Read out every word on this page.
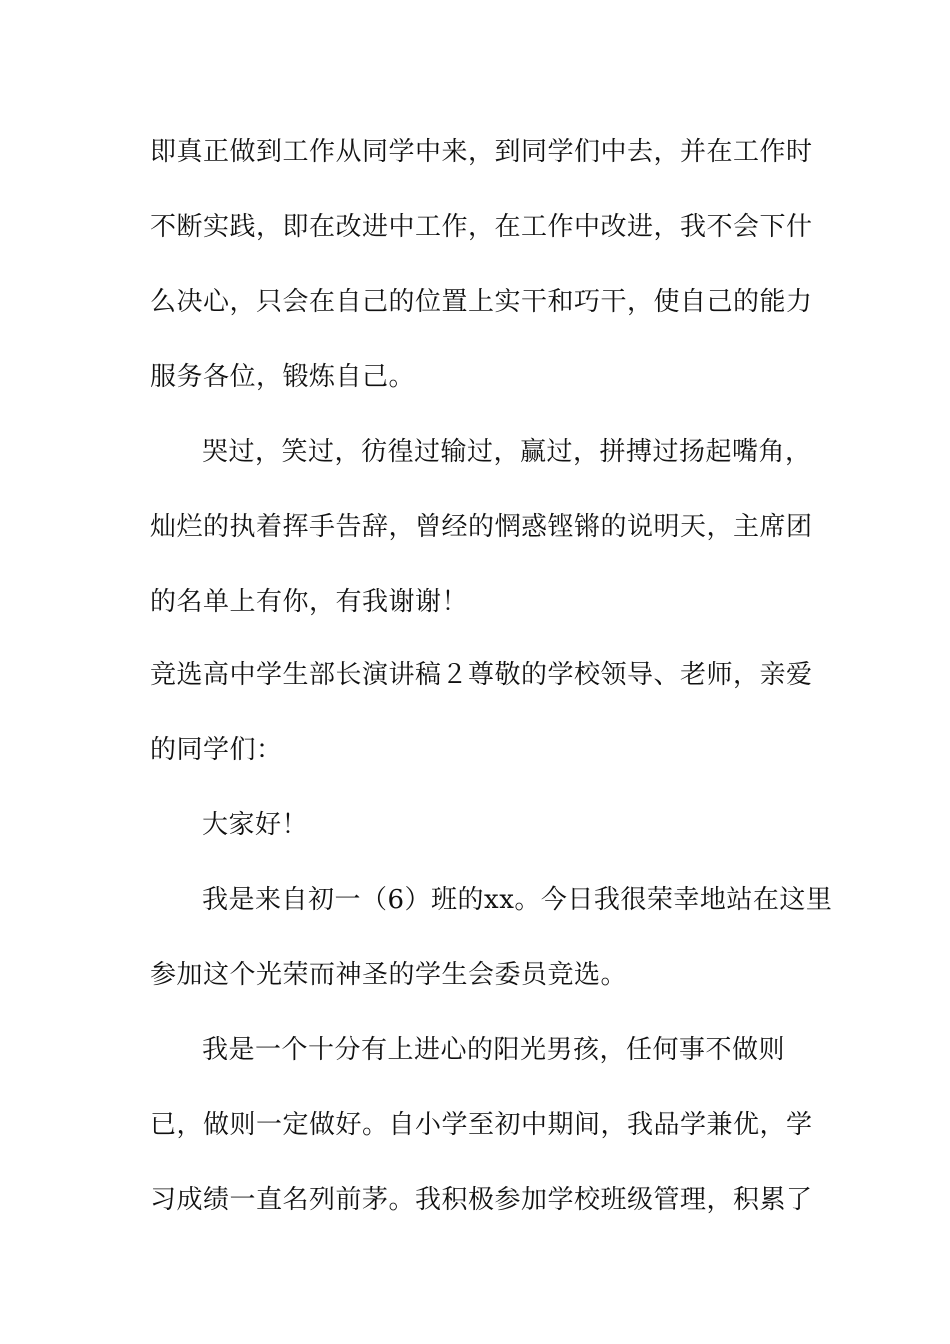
即真正做到工作从同学中来，到同学们中去，并在工作时
不断实践，即在改进中工作，在工作中改进，我不会下什
么决心，只会在自己的位置上实干和巧干，使自己的能力
服务各位，锻炼自己。
哭过，笑过，彷徨过输过，赢过，拼搏过扬起嘴角，
灿烂的执着挥手告辞，曾经的惘惑铿锵的说明天，主席团
的名单上有你，有我谢谢！
竞选高中学生部长演讲稿２尊敬的学校领导、老师，亲爱
的同学们：
大家好！
我是来自初一（6）班的xx。今日我很荣幸地站在这里
参加这个光荣而神圣的学生会委员竞选。
我是一个十分有上进心的阳光男孩，任何事不做则
已，做则一定做好。自小学至初中期间，我品学兼优，学
习成绩一直名列前茅。我积极参加学校班级管理，积累了
